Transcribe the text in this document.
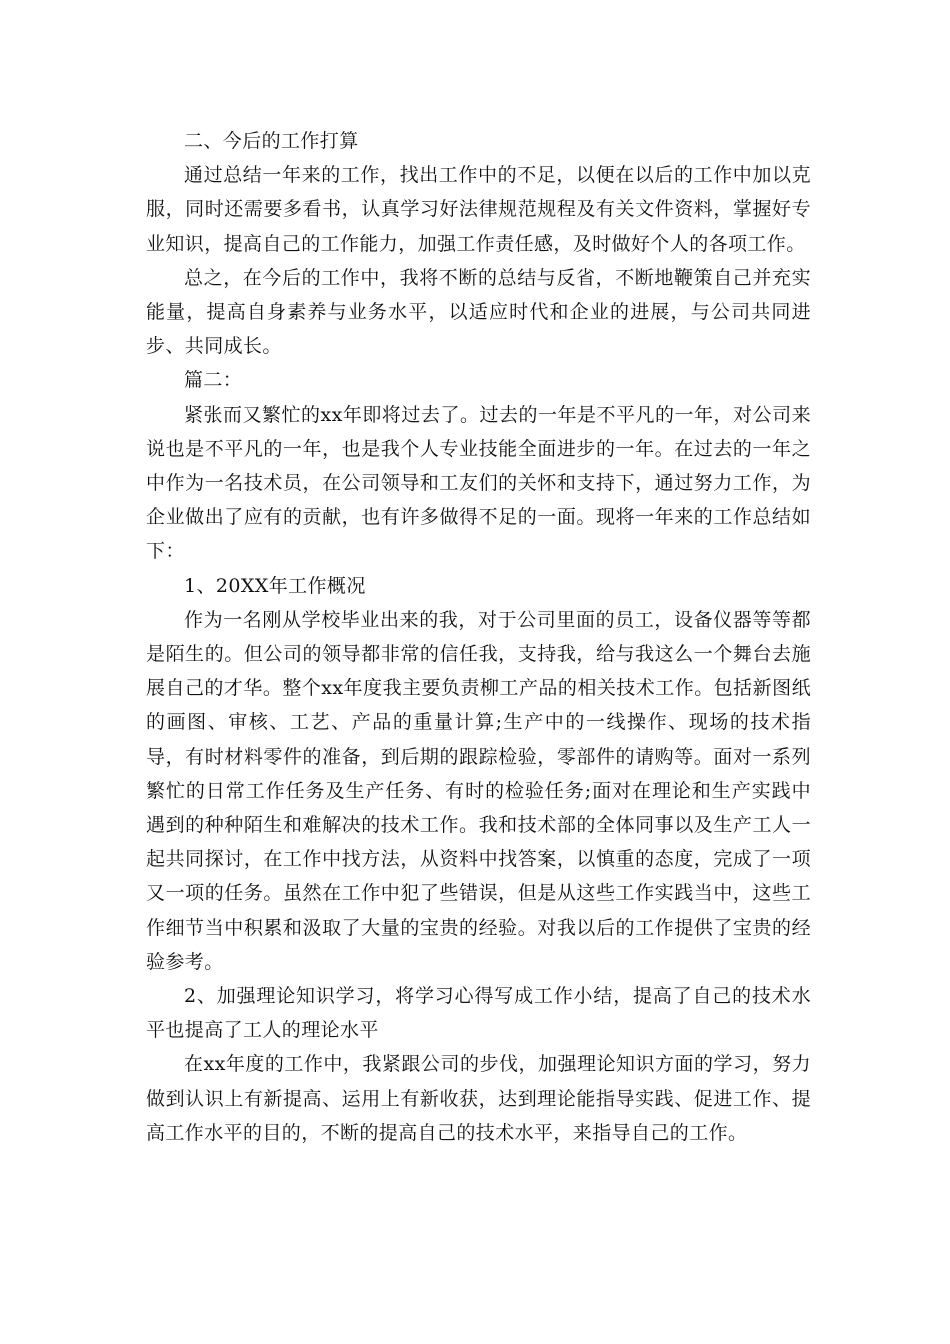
二、今后的工作打算

通过总结一年来的工作，找出工作中的不足，以便在以后的工作中加以克服，同时还需要多看书，认真学习好法律规范规程及有关文件资料，掌握好专业知识，提高自己的工作能力，加强工作责任感，及时做好个人的各项工作。

总之，在今后的工作中，我将不断的总结与反省，不断地鞭策自己并充实能量，提高自身素养与业务水平，以适应时代和企业的进展，与公司共同进步、共同成长。

篇二：

紧张而又繁忙的xx年即将过去了。过去的一年是不平凡的一年，对公司来说也是不平凡的一年，也是我个人专业技能全面进步的一年。在过去的一年之中作为一名技术员，在公司领导和工友们的关怀和支持下，通过努力工作，为企业做出了应有的贡献，也有许多做得不足的一面。现将一年来的工作总结如下：

1、20XX年工作概况

作为一名刚从学校毕业出来的我，对于公司里面的员工，设备仪器等等都是陌生的。但公司的领导都非常的信任我，支持我，给与我这么一个舞台去施展自己的才华。整个xx年度我主要负责柳工产品的相关技术工作。包括新图纸的画图、审核、工艺、产品的重量计算;生产中的一线操作、现场的技术指导，有时材料零件的准备，到后期的跟踪检验，零部件的请购等。面对一系列繁忙的日常工作任务及生产任务、有时的检验任务;面对在理论和生产实践中遇到的种种陌生和难解决的技术工作。我和技术部的全体同事以及生产工人一起共同探讨，在工作中找方法，从资料中找答案，以慎重的态度，完成了一项又一项的任务。虽然在工作中犯了些错误，但是从这些工作实践当中，这些工作细节当中积累和汲取了大量的宝贵的经验。对我以后的工作提供了宝贵的经验参考。

2、加强理论知识学习，将学习心得写成工作小结，提高了自己的技术水平也提高了工人的理论水平

在xx年度的工作中，我紧跟公司的步伐，加强理论知识方面的学习，努力做到认识上有新提高、运用上有新收获，达到理论能指导实践、促进工作、提高工作水平的目的，不断的提高自己的技术水平，来指导自己的工作。
